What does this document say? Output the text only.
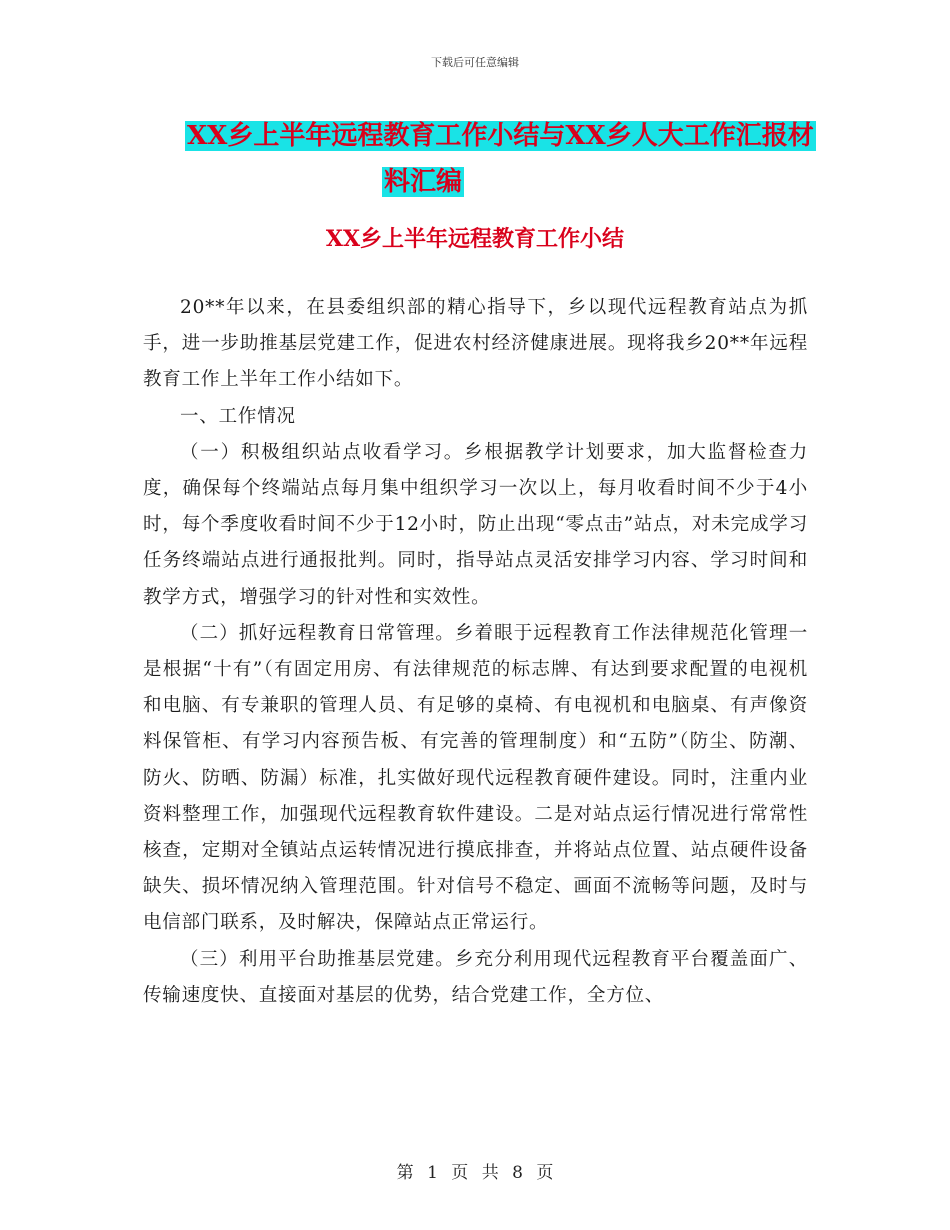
下载后可任意编辑
XX乡上半年远程教育工作小结与XX乡人大工作汇报材
料汇编
XX乡上半年远程教育工作小结

20**年以来，在县委组织部的精心指导下，乡以现代远程教育站点为抓手，进一步助推基层党建工作，促进农村经济健康进展。现将我乡20**年远程教育工作上半年工作小结如下。

一、工作情况

（一）积极组织站点收看学习。乡根据教学计划要求，加大监督检查力度，确保每个终端站点每月集中组织学习一次以上，每月收看时间不少于4小时，每个季度收看时间不少于12小时，防止出现“零点击”站点，对未完成学习任务终端站点进行通报批判。同时，指导站点灵活安排学习内容、学习时间和教学方式，增强学习的针对性和实效性。

（二）抓好远程教育日常管理。乡着眼于远程教育工作法律规范化管理一是根据“十有”（有固定用房、有法律规范的标志牌、有达到要求配置的电视机和电脑、有专兼职的管理人员、有足够的桌椅、有电视机和电脑桌、有声像资料保管柜、有学习内容预告板、有完善的管理制度）和“五防”（防尘、防潮、防火、防晒、防漏）标准，扎实做好现代远程教育硬件建设。同时，注重内业资料整理工作，加强现代远程教育软件建设。二是对站点运行情况进行常常性核查，定期对全镇站点运转情况进行摸底排查，并将站点位置、站点硬件设备缺失、损坏情况纳入管理范围。针对信号不稳定、画面不流畅等问题，及时与电信部门联系，及时解决，保障站点正常运行。

（三）利用平台助推基层党建。乡充分利用现代远程教育平台覆盖面广、传输速度快、直接面对基层的优势，结合党建工作，全方位、

第 1 页 共 8 页
